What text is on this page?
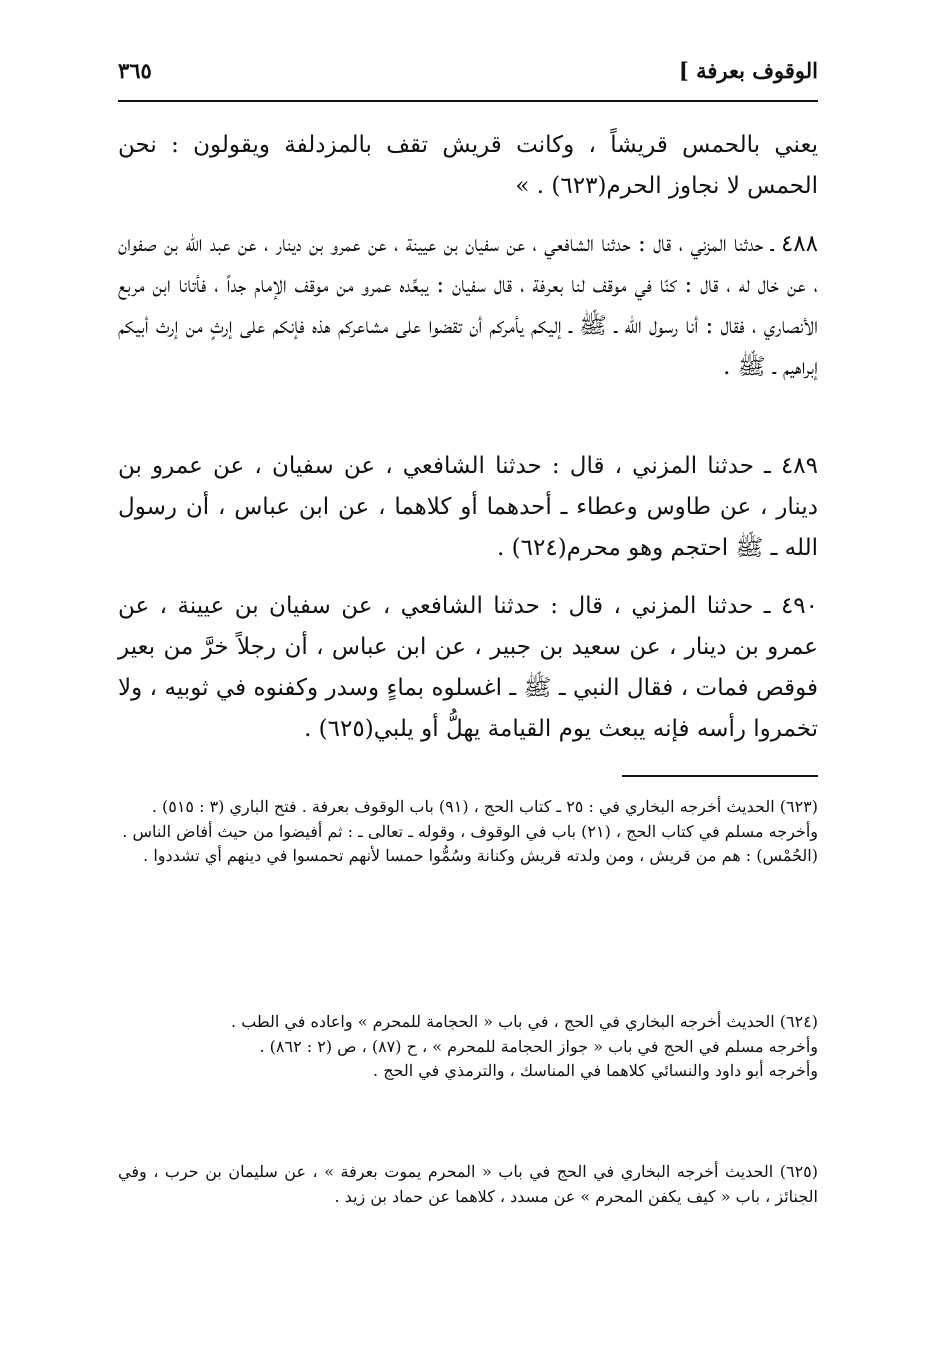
الوقوف بعرفة ]
٣٦٥
يعني بالحمس قريشاً ، وكانت قريش تقف بالمزدلفة ويقولون : نحن الحمس لا نجاوز الحرم(٦٢٣) . »
٤٨٨ ـ حدثنا المزني ، قال : حدثنا الشافعي ، عن سفيان بن عيينة ، عن عمرو بن دينار ، عن عبد الله بن صفوان ، عن خال له ، قال : كنّا في موقف لنا بعرفة ، قال سفيان : يبعِّده عمرو من موقف الإمام جداً ، فأتانا ابن مربع الأنصاري ، فقال : أنا رسول الله ـ ﷺ ـ إليكم يأمركم أن تقضوا على مشاعركم هذه فإنكم على إرثٍ من إرث أبيكم إبراهيم ـ ﷺ .
٤٨٩ ـ حدثنا المزني ، قال : حدثنا الشافعي ، عن سفيان ، عن عمرو بن دينار ، عن طاوس وعطاء ـ أحدهما أو كلاهما ، عن ابن عباس ، أن رسول الله ـ ﷺ احتجم وهو محرم(٦٢٤) .
٤٩٠ ـ حدثنا المزني ، قال : حدثنا الشافعي ، عن سفيان بن عيينة ، عن عمرو بن دينار ، عن سعيد بن جبير ، عن ابن عباس ، أن رجلاً خرَّ من بعير فوقص فمات ، فقال النبي ـ ﷺ ـ اغسلوه بماءٍ وسدر وكفنوه في ثوبيه ، ولا تخمروا رأسه فإنه يبعث يوم القيامة يهلُّ أو يلبي(٦٢٥) .

(٦٢٣) الحديث أخرجه البخاري في : ٢٥ ـ كتاب الحج ، (٩١) باب الوقوف بعرفة . فتح الباري (٣ : ٥١٥) .

وأخرجه مسلم في كتاب الحج ، (٢١) باب في الوقوف ، وقوله ـ تعالى ـ : ثم أفيضوا من حيث أفاض الناس .

(الحُمْس) : هم من قريش ، ومن ولدته قريش وكنانة وسُمُّوا حمسا لأنهم تحمسوا في دينهم أي تشددوا .

(٦٢٤) الحديث أخرجه البخاري في الحج ، في باب « الحجامة للمحرم » واعاده في الطب .

وأخرجه مسلم في الحج في باب « جواز الحجامة للمحرم » ، ح (٨٧) ، ص (٢ : ٨٦٢) .

وأخرجه أبو داود والنسائي كلاهما في المناسك ، والترمذي في الحج .

(٦٢٥) الحديث أخرجه البخاري في الحج في باب « المحرم يموت بعرفة » ، عن سليمان بن حرب ، وفي الجنائز ، باب « كيف يكفن المحرم » عن مسدد ، كلاهما عن حماد بن زيد .
